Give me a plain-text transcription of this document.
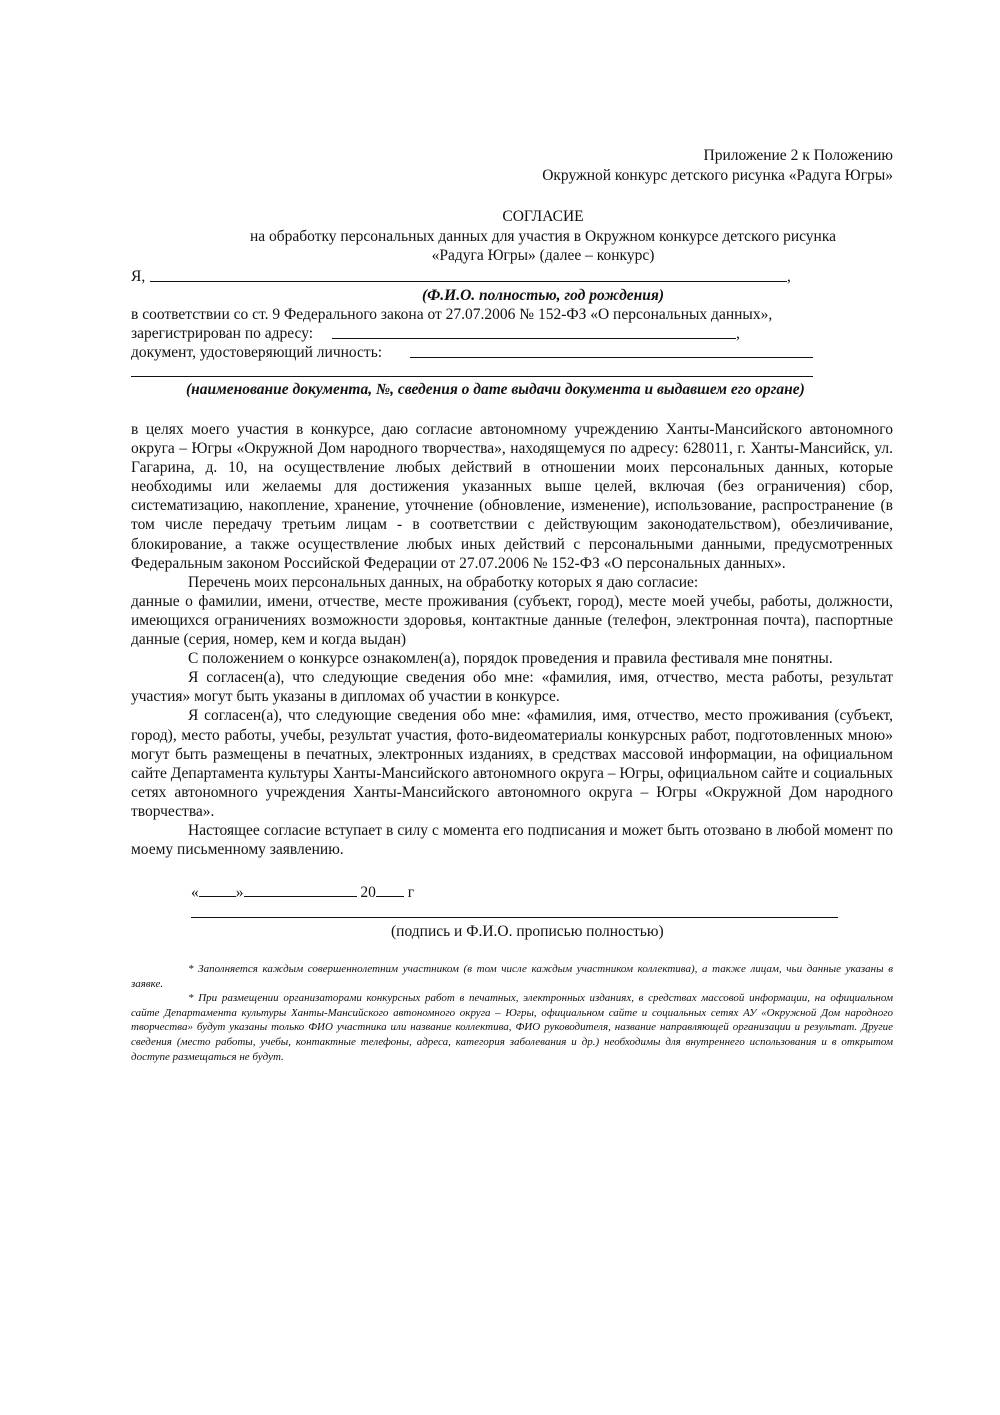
Приложение 2 к Положению
Окружной конкурс детского рисунка «Радуга Югры»
СОГЛАСИЕ
на обработку персональных данных для участия в Окружном конкурсе детского рисунка
«Радуга Югры» (далее – конкурс)
Я,	,
(Ф.И.О. полностью, год рождения)
в соответствии со ст. 9 Федерального закона от 27.07.2006 № 152-ФЗ «О персональных данных»,
зарегистрирован по адресу:	,
документ, удостоверяющий личность:
(наименование документа, №, сведения о дате выдачи документа и выдавшем его органе)

в целях моего участия в конкурсе, даю согласие автономному учреждению Ханты-Мансийского автономного округа – Югры «Окружной Дом народного творчества», находящемуся по адресу: 628011, г. Ханты-Мансийск, ул. Гагарина, д. 10, на осуществление любых действий в отношении моих персональных данных, которые необходимы или желаемы для достижения указанных выше целей, включая (без ограничения) сбор, систематизацию, накопление, хранение, уточнение (обновление, изменение), использование, распространение (в том числе передачу третьим лицам - в соответствии с действующим законодательством), обезличивание, блокирование, а также осуществление любых иных действий с персональными данными, предусмотренных Федеральным законом Российской Федерации от 27.07.2006 № 152-ФЗ «О персональных данных».

Перечень моих персональных данных, на обработку которых я даю согласие:

данные о фамилии, имени, отчестве, месте проживания (субъект, город), месте моей учебы, работы, должности, имеющихся ограничениях возможности здоровья, контактные данные (телефон, электронная почта), паспортные данные (серия, номер, кем и когда выдан)

С положением о конкурсе ознакомлен(а), порядок проведения и правила фестиваля мне понятны.

Я согласен(а), что следующие сведения обо мне: «фамилия, имя, отчество, места работы, результат участия» могут быть указаны в дипломах об участии в конкурсе.

Я согласен(а), что следующие сведения обо мне: «фамилия, имя, отчество, место проживания (субъект, город), место работы, учебы, результат участия, фото-видеоматериалы конкурсных работ, подготовленных мною» могут быть размещены в печатных, электронных изданиях, в средствах массовой информации, на официальном сайте Департамента культуры Ханты-Мансийского автономного округа – Югры, официальном сайте и социальных сетях автономного учреждения Ханты-Мансийского автономного округа – Югры «Окружной Дом народного творчества».

Настоящее согласие вступает в силу с момента его подписания и может быть отозвано в любой момент по моему письменному заявлению.

« »	20 г
(подпись и Ф.И.О. прописью полностью)

* Заполняется каждым совершеннолетним участником (в том числе каждым участником коллектива), а также лицам, чьи данные указаны в заявке.

* При размещении организаторами конкурсных работ в печатных, электронных изданиях, в средствах массовой информации, на официальном сайте Департамента культуры Ханты-Мансийского автономного округа – Югры, официальном сайте и социальных сетях АУ «Окружной Дом народного творчества» будут указаны только ФИО участника или название коллектива, ФИО руководителя, название направляющей организации и результат. Другие сведения (место работы, учебы, контактные телефоны, адреса, категория заболевания и др.) необходимы для внутреннего использования и в открытом доступе размещаться не будут.
